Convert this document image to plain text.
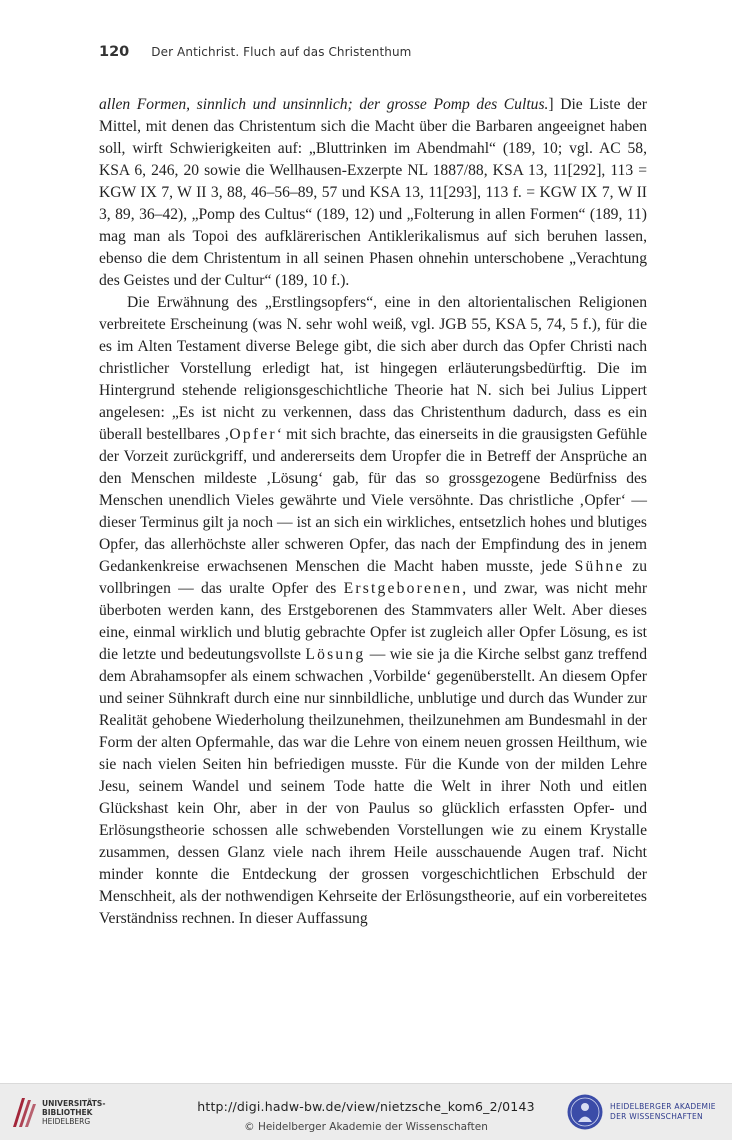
120 Der Antichrist. Fluch auf das Christenthum

allen Formen, sinnlich und unsinnlich; der grosse Pomp des Cultus.] Die Liste der Mittel, mit denen das Christentum sich die Macht über die Barbaren angeeignet haben soll, wirft Schwierigkeiten auf: „Bluttrinken im Abendmahl“ (189, 10; vgl. AC 58, KSA 6, 246, 20 sowie die Wellhausen-Exzerpte NL 1887/88, KSA 13, 11[292], 113 = KGW IX 7, W II 3, 88, 46–56–89, 57 und KSA 13, 11[293], 113 f. = KGW IX 7, W II 3, 89, 36–42), „Pomp des Cultus“ (189, 12) und „Folterung in allen Formen“ (189, 11) mag man als Topoi des aufklärerischen Antiklerikalismus auf sich beruhen lassen, ebenso die dem Christentum in all seinen Phasen ohnehin unterschobene „Verachtung des Geistes und der Cultur“ (189, 10 f.).

Die Erwähnung des „Erstlingsopfers“, eine in den altorientalischen Religionen verbreitete Erscheinung (was N. sehr wohl weiß, vgl. JGB 55, KSA 5, 74, 5 f.), für die es im Alten Testament diverse Belege gibt, die sich aber durch das Opfer Christi nach christlicher Vorstellung erledigt hat, ist hingegen erläuterungsbedürftig. Die im Hintergrund stehende religionsgeschichtliche Theorie hat N. sich bei Julius Lippert angelesen: „Es ist nicht zu verkennen, dass das Christenthum dadurch, dass es ein überall bestellbares ‚Opfer‘ mit sich brachte, das einerseits in die grausigsten Gefühle der Vorzeit zurückgriff, und andererseits dem Uropfer die in Betreff der Ansprüche an den Menschen mildeste ‚Lösung‘ gab, für das so grossgezogene Bedürfniss des Menschen unendlich Vieles gewährte und Viele versöhnte. Das christliche ‚Opfer‘ — dieser Terminus gilt ja noch — ist an sich ein wirkliches, entsetzlich hohes und blutiges Opfer, das allerhöchste aller schweren Opfer, das nach der Empfindung des in jenem Gedankenkreise erwachsenen Menschen die Macht haben musste, jede Sühne zu vollbringen — das uralte Opfer des Erstgeborenen, und zwar, was nicht mehr überboten werden kann, des Erstgeborenen des Stammvaters aller Welt. Aber dieses eine, einmal wirklich und blutig gebrachte Opfer ist zugleich aller Opfer Lösung, es ist die letzte und bedeutungsvollste Lösung — wie sie ja die Kirche selbst ganz treffend dem Abrahamsopfer als einem schwachen ‚Vorbilde‘ gegenüberstellt. An diesem Opfer und seiner Sühnkraft durch eine nur sinnbildliche, unblutige und durch das Wunder zur Realität gehobene Wiederholung theilzunehmen, theilzunehmen am Bundesmahl in der Form der alten Opfermahle, das war die Lehre von einem neuen grossen Heilthum, wie sie nach vielen Seiten hin befriedigen musste. Für die Kunde von der milden Lehre Jesu, seinem Wandel und seinem Tode hatte die Welt in ihrer Noth und eitlen Glückshast kein Ohr, aber in der von Paulus so glücklich erfassten Opfer- und Erlösungstheorie schossen alle schwebenden Vorstellungen wie zu einem Krystalle zusammen, dessen Glanz viele nach ihrem Heile ausschauende Augen traf. Nicht minder konnte die Entdeckung der grossen vorgeschichtlichen Erbschuld der Menschheit, als der nothwendigen Kehrseite der Erlösungstheorie, auf ein vorbereitetes Verständniss rechnen. In dieser Auffassung

UNIVERSITÄTS-
BIBLIOTHEK
HEIDELBERG
http://digi.hadw-bw.de/view/nietzsche_kom6_2/0143
© Heidelberger Akademie der Wissenschaften
HEIDELBERGER AKADEMIE
DER WISSENSCHAFTEN
